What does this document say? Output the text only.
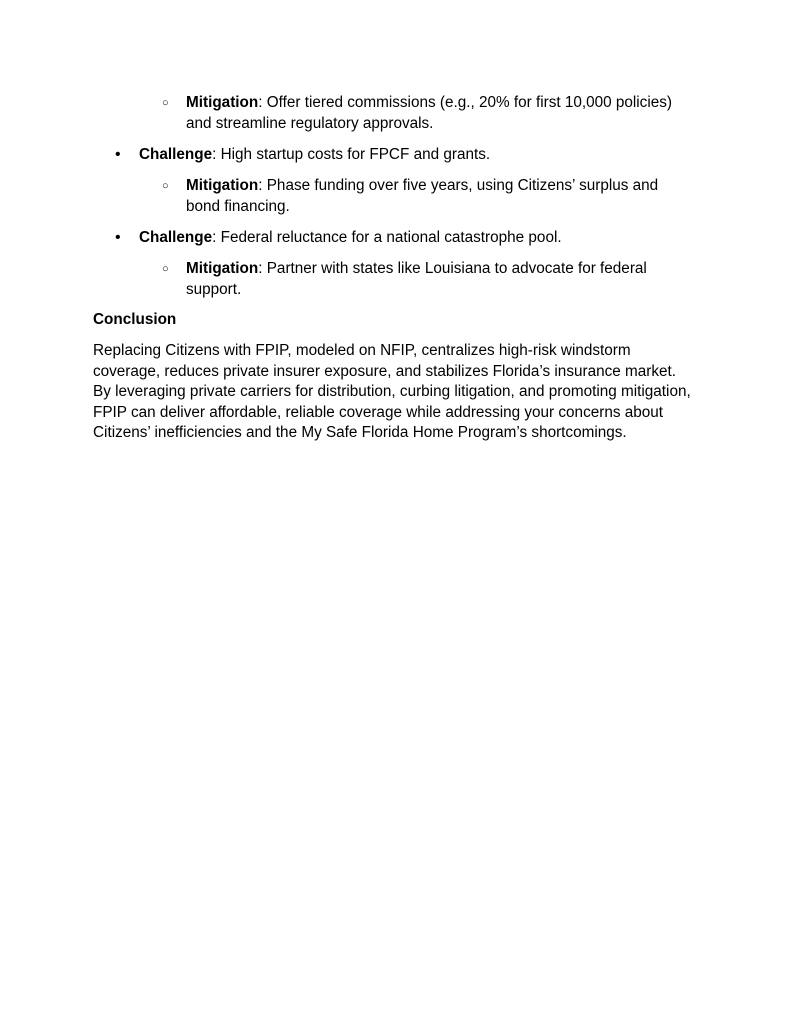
○ Mitigation: Offer tiered commissions (e.g., 20% for first 10,000 policies) and streamline regulatory approvals.
• Challenge: High startup costs for FPCF and grants.
○ Mitigation: Phase funding over five years, using Citizens’ surplus and bond financing.
• Challenge: Federal reluctance for a national catastrophe pool.
○ Mitigation: Partner with states like Louisiana to advocate for federal support.
Conclusion
Replacing Citizens with FPIP, modeled on NFIP, centralizes high-risk windstorm coverage, reduces private insurer exposure, and stabilizes Florida’s insurance market. By leveraging private carriers for distribution, curbing litigation, and promoting mitigation, FPIP can deliver affordable, reliable coverage while addressing your concerns about Citizens’ inefficiencies and the My Safe Florida Home Program’s shortcomings.
